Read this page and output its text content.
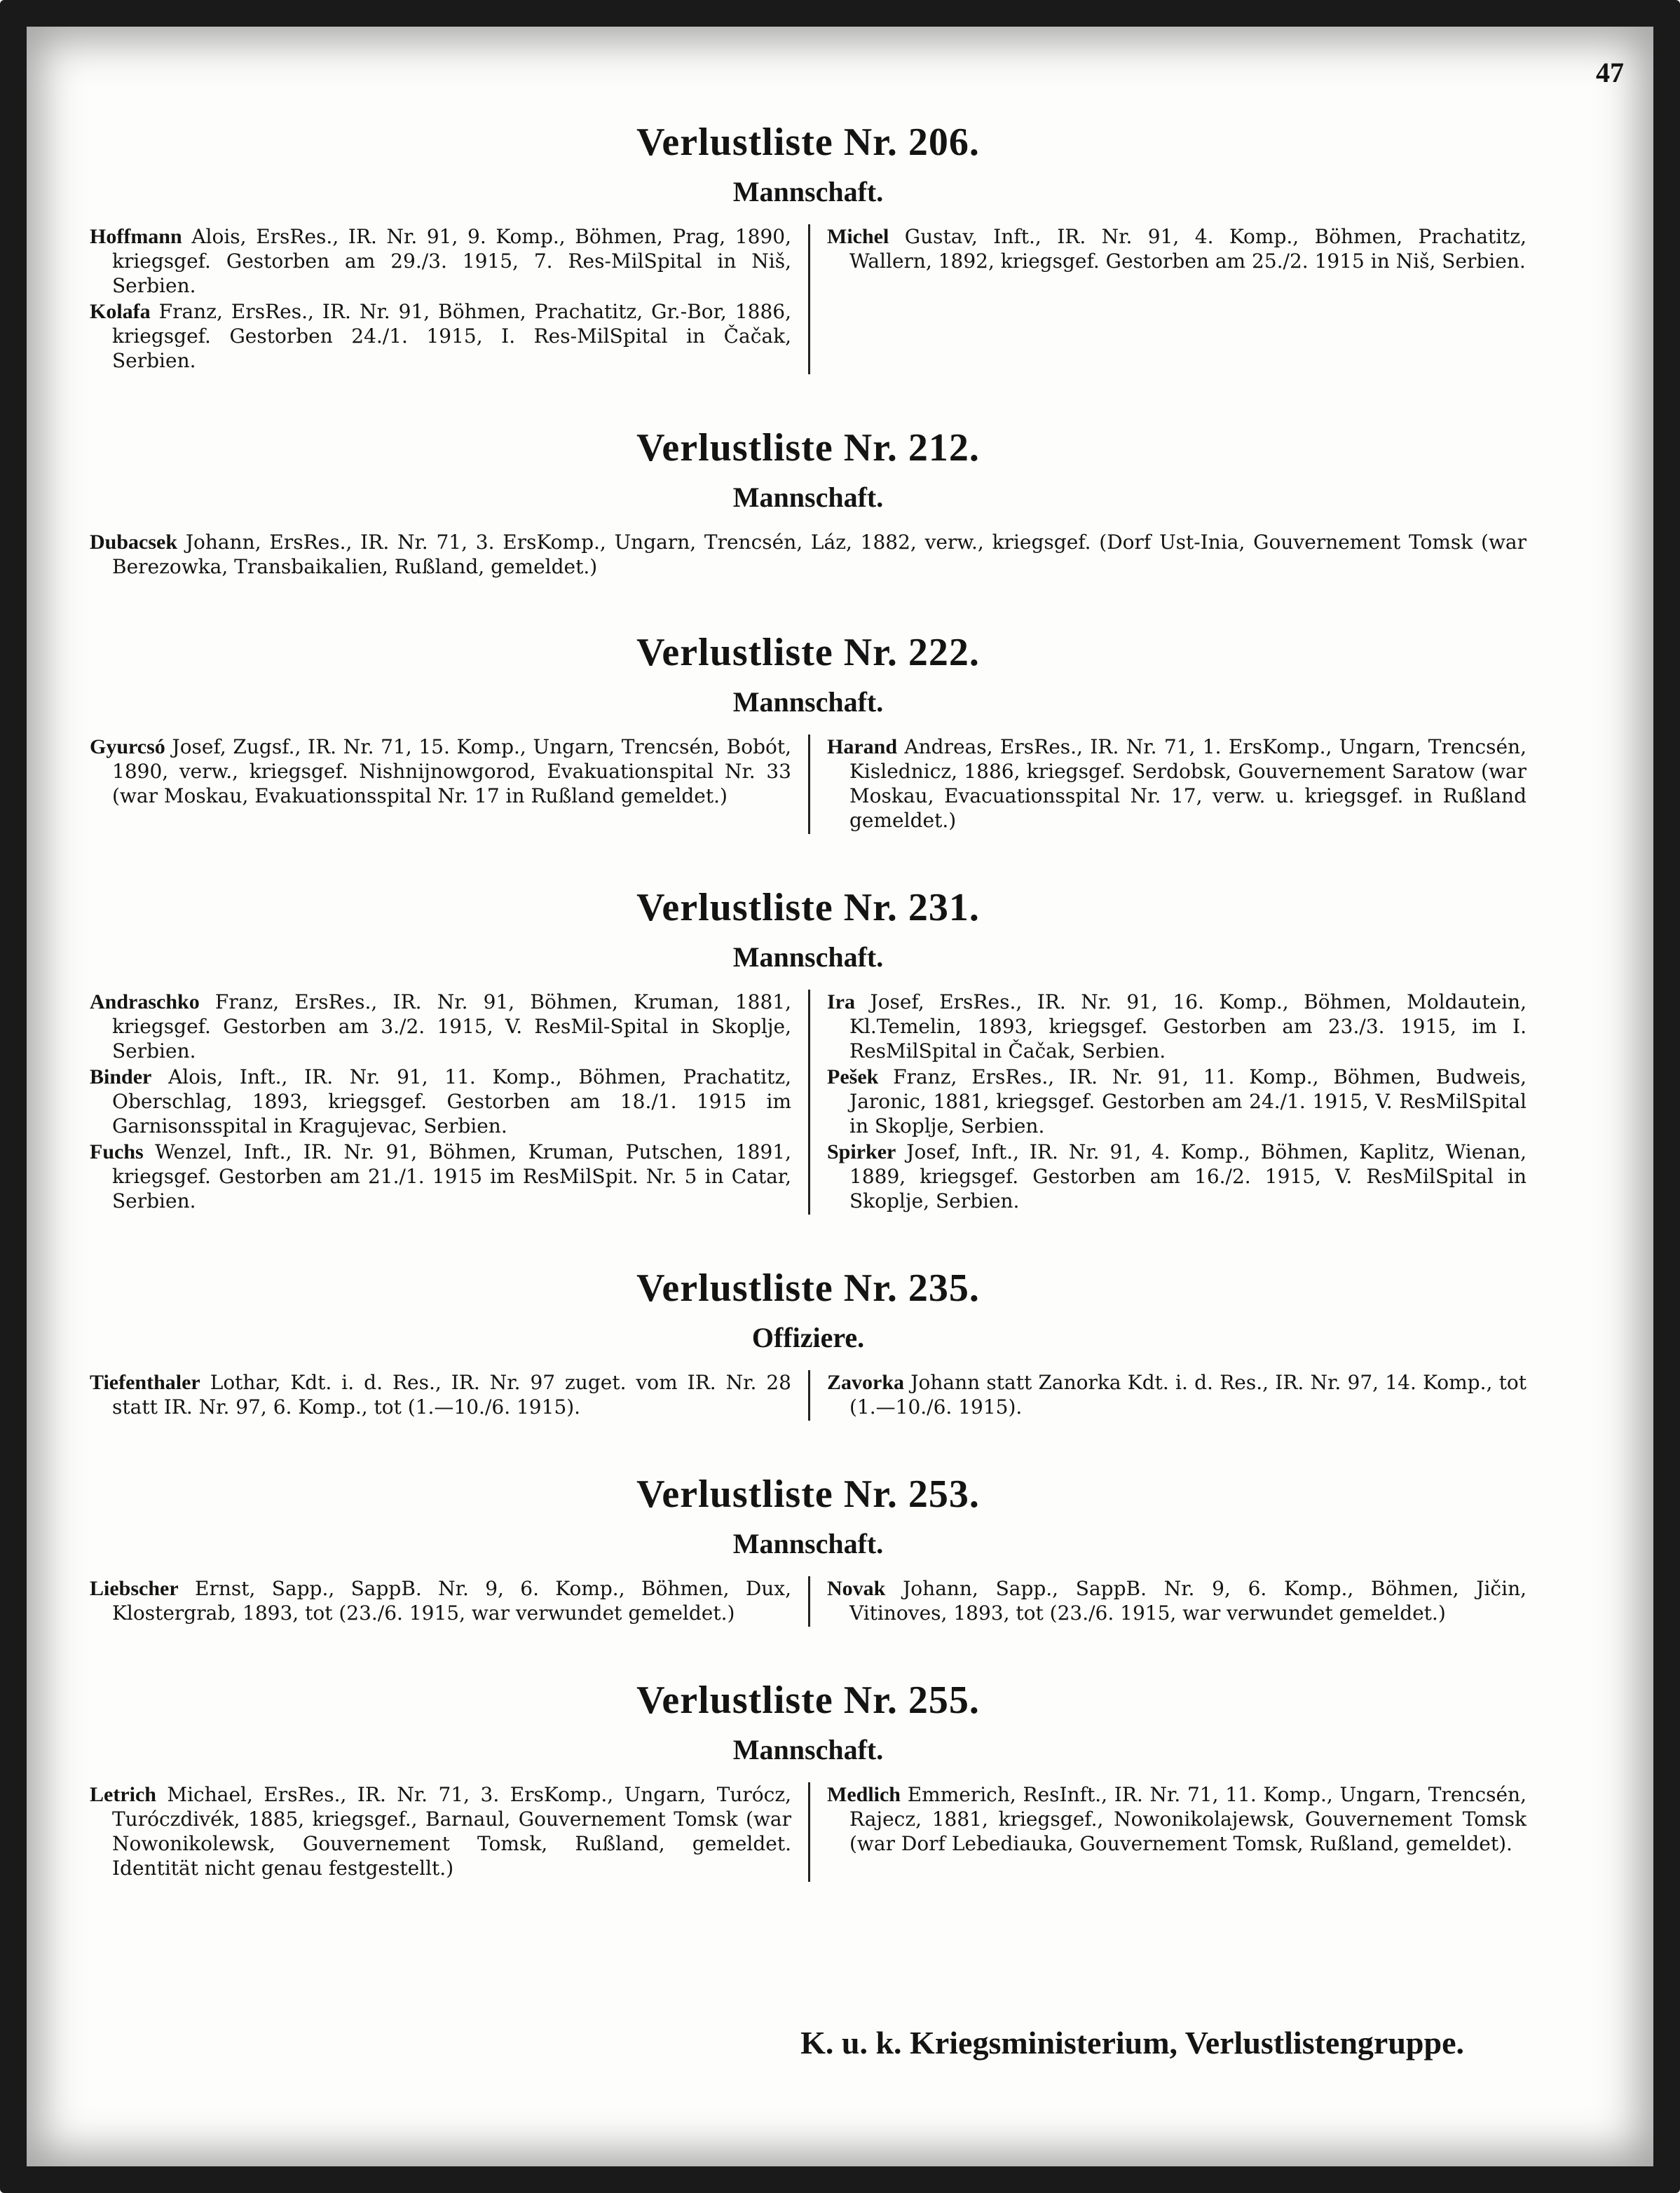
47
Verlustliste Nr. 206.
Mannschaft.

Hoffmann Alois, ErsRes., IR. Nr. 91, 9. Komp., Böhmen, Prag, 1890, kriegsgef. Gestorben am 29./3. 1915, 7. Res-MilSpital in Niš, Serbien.

Kolafa Franz, ErsRes., IR. Nr. 91, Böhmen, Prachatitz, Gr.-Bor, 1886, kriegsgef. Gestorben 24./1. 1915, I. Res-MilSpital in Čačak, Serbien.

Michel Gustav, Inft., IR. Nr. 91, 4. Komp., Böhmen, Prachatitz, Wallern, 1892, kriegsgef. Gestorben am 25./2. 1915 in Niš, Serbien.

Verlustliste Nr. 212.
Mannschaft.

Dubacsek Johann, ErsRes., IR. Nr. 71, 3. ErsKomp., Ungarn, Trencsén, Láz, 1882, verw., kriegsgef. (Dorf Ust-Inia, Gouvernement Tomsk (war Berezowka, Transbaikalien, Rußland, gemeldet.)

Verlustliste Nr. 222.
Mannschaft.

Gyurcsó Josef, Zugsf., IR. Nr. 71, 15. Komp., Ungarn, Trencsén, Bobót, 1890, verw., kriegsgef. Nishnijnowgorod, Evakuationspital Nr. 33 (war Moskau, Evakuationsspital Nr. 17 in Rußland gemeldet.)

Harand Andreas, ErsRes., IR. Nr. 71, 1. ErsKomp., Ungarn, Trencsén, Kislednicz, 1886, kriegsgef. Serdobsk, Gouvernement Saratow (war Moskau, Evacuationsspital Nr. 17, verw. u. kriegsgef. in Rußland gemeldet.)

Verlustliste Nr. 231.
Mannschaft.

Andraschko Franz, ErsRes., IR. Nr. 91, Böhmen, Kruman, 1881, kriegsgef. Gestorben am 3./2. 1915, V. ResMil-Spital in Skoplje, Serbien.

Binder Alois, Inft., IR. Nr. 91, 11. Komp., Böhmen, Prachatitz, Oberschlag, 1893, kriegsgef. Gestorben am 18./1. 1915 im Garnisonsspital in Kragujevac, Serbien.

Fuchs Wenzel, Inft., IR. Nr. 91, Böhmen, Kruman, Putschen, 1891, kriegsgef. Gestorben am 21./1. 1915 im ResMilSpit. Nr. 5 in Catar, Serbien.

Ira Josef, ErsRes., IR. Nr. 91, 16. Komp., Böhmen, Moldautein, Kl.Temelin, 1893, kriegsgef. Gestorben am 23./3. 1915, im I. ResMilSpital in Čačak, Serbien.

Pešek Franz, ErsRes., IR. Nr. 91, 11. Komp., Böhmen, Budweis, Jaronic, 1881, kriegsgef. Gestorben am 24./1. 1915, V. ResMilSpital in Skoplje, Serbien.

Spirker Josef, Inft., IR. Nr. 91, 4. Komp., Böhmen, Kaplitz, Wienan, 1889, kriegsgef. Gestorben am 16./2. 1915, V. ResMilSpital in Skoplje, Serbien.

Verlustliste Nr. 235.
Offiziere.

Tiefenthaler Lothar, Kdt. i. d. Res., IR. Nr. 97 zuget. vom IR. Nr. 28 statt IR. Nr. 97, 6. Komp., tot (1.—10./6. 1915).

Zavorka Johann statt Zanorka Kdt. i. d. Res., IR. Nr. 97, 14. Komp., tot (1.—10./6. 1915).

Verlustliste Nr. 253.
Mannschaft.

Liebscher Ernst, Sapp., SappB. Nr. 9, 6. Komp., Böhmen, Dux, Klostergrab, 1893, tot (23./6. 1915, war verwundet gemeldet.)

Novak Johann, Sapp., SappB. Nr. 9, 6. Komp., Böhmen, Jičin, Vitinoves, 1893, tot (23./6. 1915, war verwundet gemeldet.)

Verlustliste Nr. 255.
Mannschaft.

Letrich Michael, ErsRes., IR. Nr. 71, 3. ErsKomp., Ungarn, Turócz, Turóczdivék, 1885, kriegsgef., Barnaul, Gouvernement Tomsk (war Nowonikolewsk, Gouvernement Tomsk, Rußland, gemeldet. Identität nicht genau festgestellt.)

Medlich Emmerich, ResInft., IR. Nr. 71, 11. Komp., Ungarn, Trencsén, Rajecz, 1881, kriegsgef., Nowonikolajewsk, Gouvernement Tomsk (war Dorf Lebediauka, Gouvernement Tomsk, Rußland, gemeldet).

K. u. k. Kriegsministerium, Verlustlistengruppe.
